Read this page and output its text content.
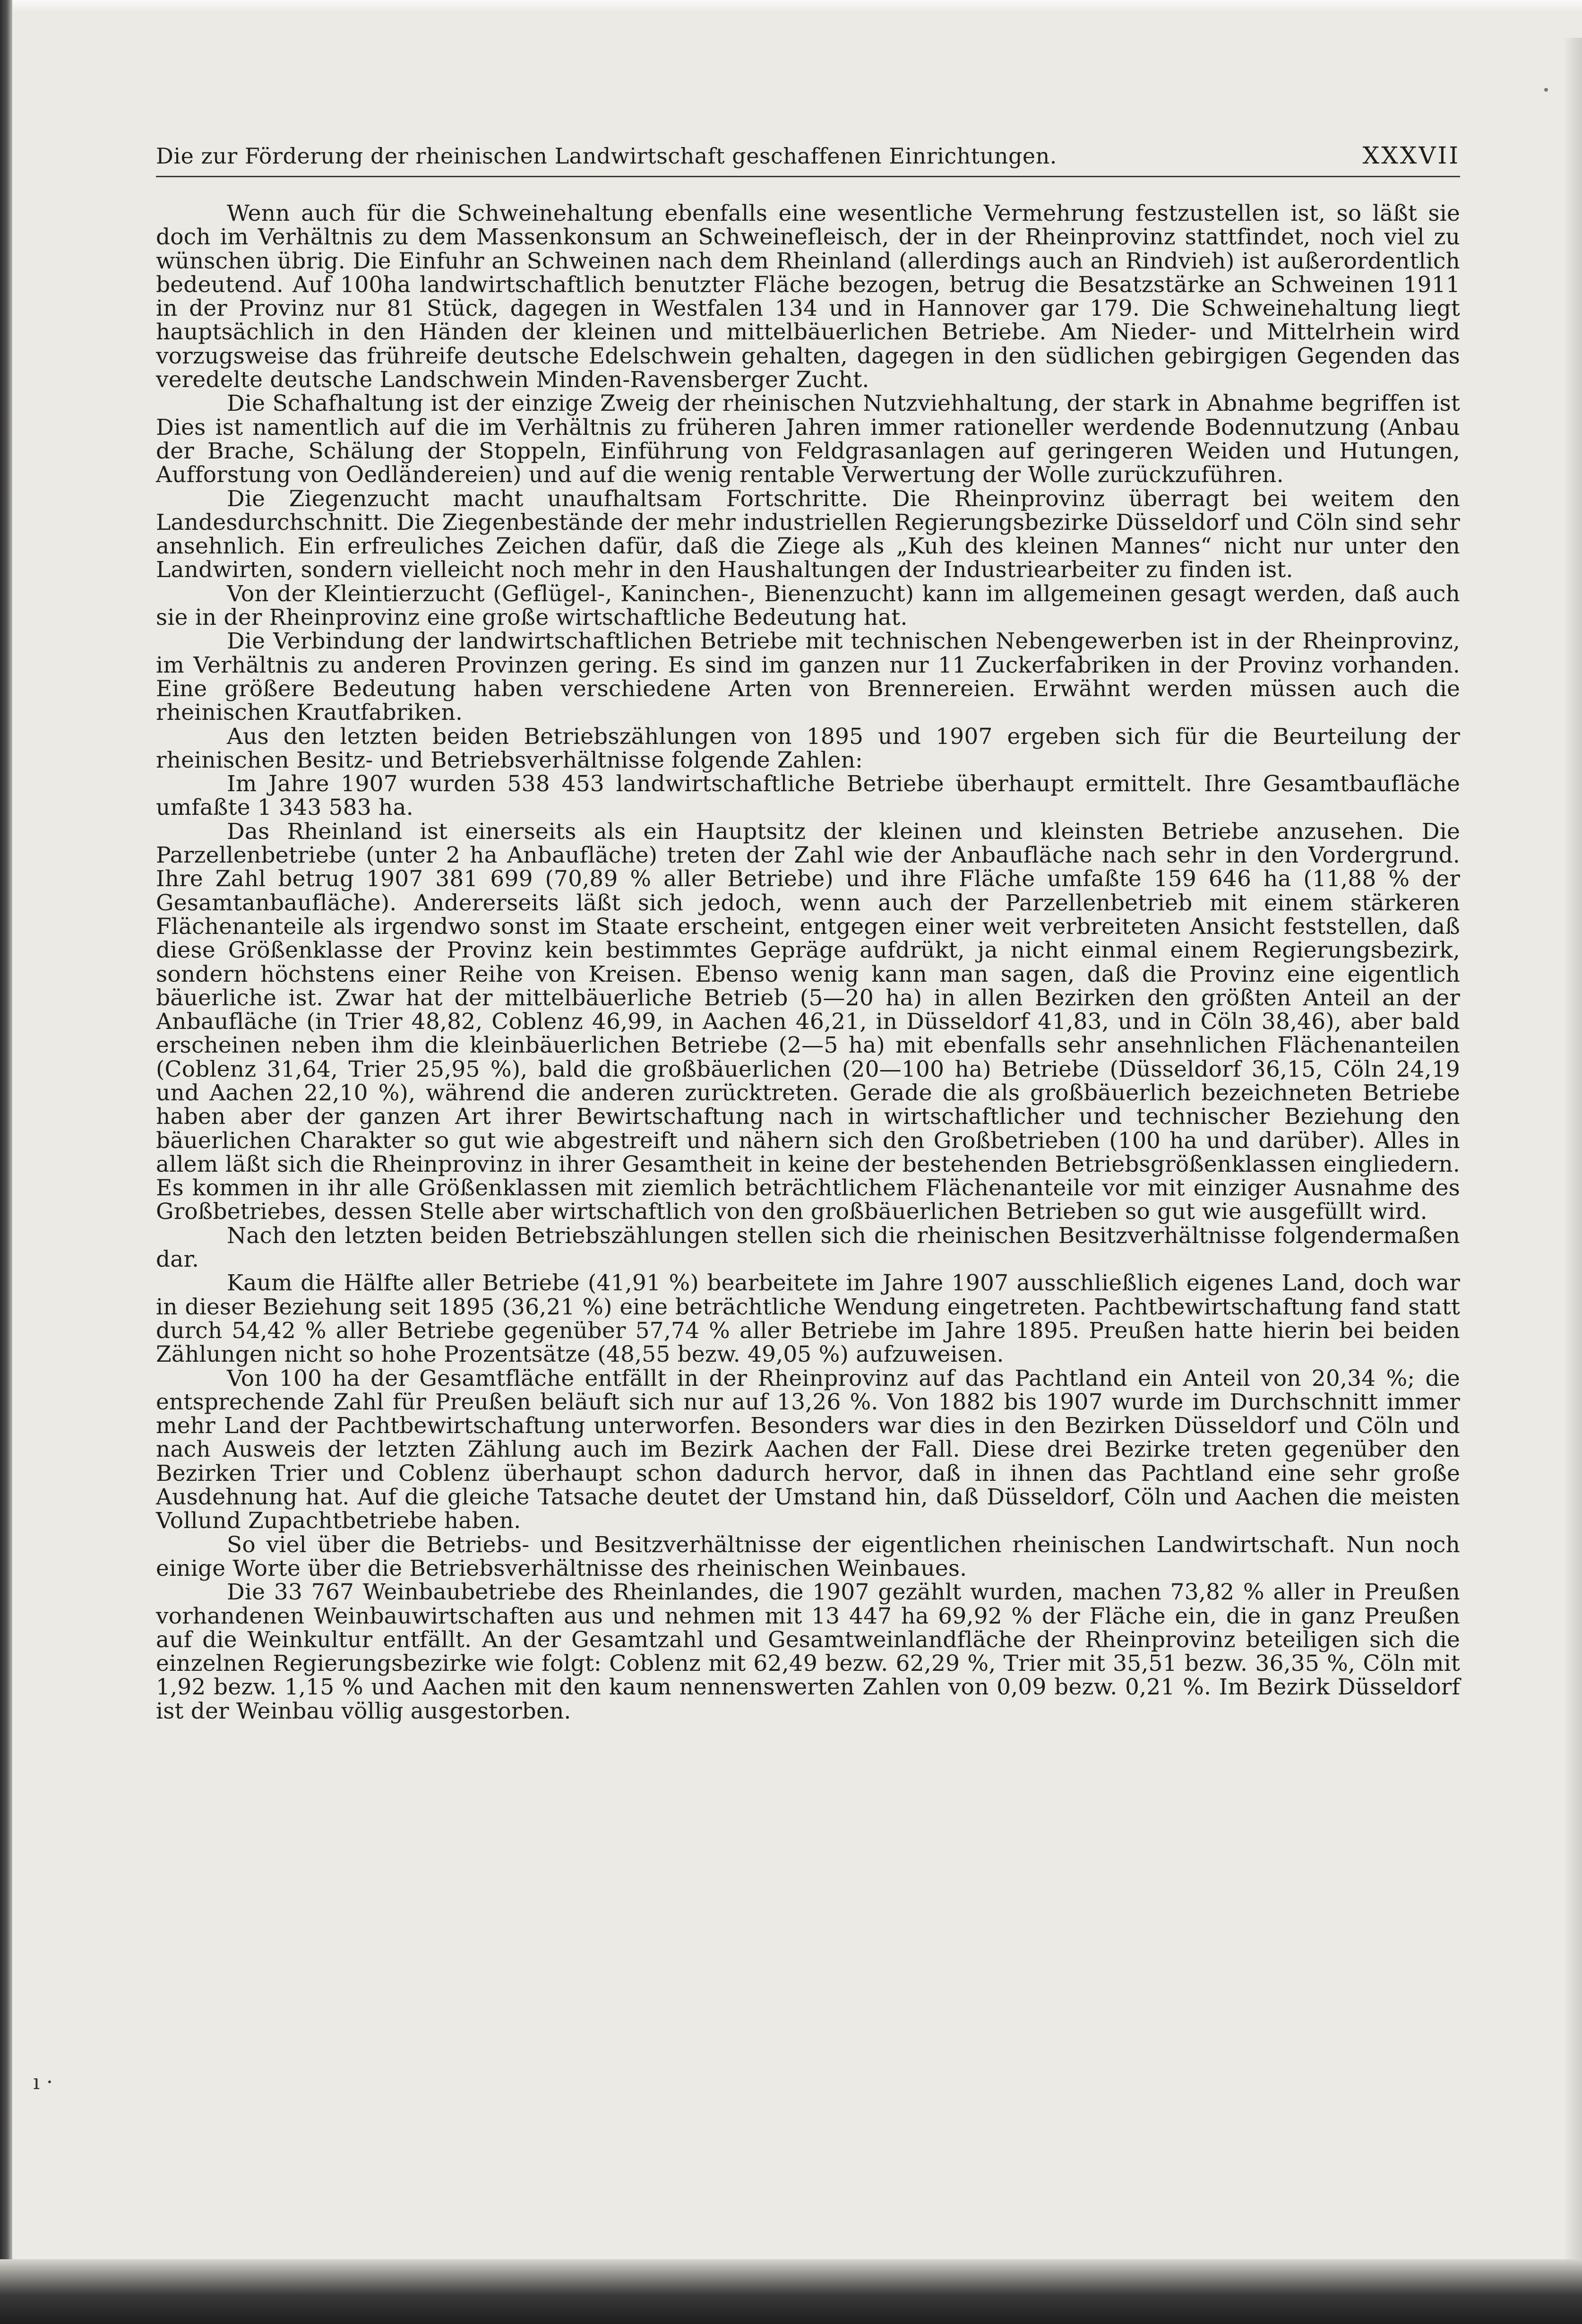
Die zur Förderung der rheinischen Landwirtschaft geschaffenen Einrichtungen.	XXXVII

Wenn auch für die Schweinehaltung ebenfalls eine wesentliche Vermehrung festzustellen ist, so läßt sie doch im Verhältnis zu dem Massenkonsum an Schweinefleisch, der in der Rheinprovinz stattfindet, noch viel zu wünschen übrig. Die Einfuhr an Schweinen nach dem Rheinland (allerdings auch an Rindvieh) ist außerordentlich bedeutend. Auf 100ha landwirtschaftlich benutzter Fläche bezogen, betrug die Besatzstärke an Schweinen 1911 in der Provinz nur 81 Stück, dagegen in Westfalen 134 und in Hannover gar 179. Die Schweinehaltung liegt hauptsächlich in den Händen der kleinen und mittelbäuerlichen Betriebe. Am Nieder- und Mittelrhein wird vorzugsweise das frühreife deutsche Edelschwein gehalten, dagegen in den südlichen gebirgigen Gegenden das veredelte deutsche Landschwein Minden-Ravensberger Zucht.

Die Schafhaltung ist der einzige Zweig der rheinischen Nutzviehhaltung, der stark in Abnahme begriffen ist Dies ist namentlich auf die im Verhältnis zu früheren Jahren immer rationeller werdende Bodennutzung (Anbau der Brache, Schälung der Stoppeln, Einführung von Feldgrasanlagen auf geringeren Weiden und Hutungen, Aufforstung von Oedländereien) und auf die wenig rentable Verwertung der Wolle zurückzuführen.

Die Ziegenzucht macht unaufhaltsam Fortschritte. Die Rheinprovinz überragt bei weitem den Landesdurchschnitt. Die Ziegenbestände der mehr industriellen Regierungsbezirke Düsseldorf und Cöln sind sehr ansehnlich. Ein erfreuliches Zeichen dafür, daß die Ziege als „Kuh des kleinen Mannes“ nicht nur unter den Landwirten, sondern vielleicht noch mehr in den Haushaltungen der Industriearbeiter zu finden ist.

Von der Kleintierzucht (Geflügel-, Kaninchen-, Bienenzucht) kann im allgemeinen gesagt werden, daß auch sie in der Rheinprovinz eine große wirtschaftliche Bedeutung hat.

Die Verbindung der landwirtschaftlichen Betriebe mit technischen Nebengewerben ist in der Rheinprovinz, im Verhältnis zu anderen Provinzen gering. Es sind im ganzen nur 11 Zuckerfabriken in der Provinz vorhanden. Eine größere Bedeutung haben verschiedene Arten von Brennereien. Erwähnt werden müssen auch die rheinischen Krautfabriken.

Aus den letzten beiden Betriebszählungen von 1895 und 1907 ergeben sich für die Beurteilung der rheinischen Besitz- und Betriebsverhältnisse folgende Zahlen:

Im Jahre 1907 wurden 538 453 landwirtschaftliche Betriebe überhaupt ermittelt. Ihre Gesamtbaufläche umfaßte 1 343 583 ha.

Das Rheinland ist einerseits als ein Hauptsitz der kleinen und kleinsten Betriebe anzusehen. Die Parzellenbetriebe (unter 2 ha Anbaufläche) treten der Zahl wie der Anbaufläche nach sehr in den Vordergrund. Ihre Zahl betrug 1907 381 699 (70,89 % aller Betriebe) und ihre Fläche umfaßte 159 646 ha (11,88 % der Gesamtanbaufläche). Andererseits läßt sich jedoch, wenn auch der Parzellenbetrieb mit einem stärkeren Flächenanteile als irgendwo sonst im Staate erscheint, entgegen einer weit verbreiteten Ansicht feststellen, daß diese Größenklasse der Provinz kein bestimmtes Gepräge aufdrükt, ja nicht einmal einem Regierungsbezirk, sondern höchstens einer Reihe von Kreisen. Ebenso wenig kann man sagen, daß die Provinz eine eigentlich bäuerliche ist. Zwar hat der mittelbäuerliche Betrieb (5—20 ha) in allen Bezirken den größten Anteil an der Anbaufläche (in Trier 48,82, Coblenz 46,99, in Aachen 46,21, in Düsseldorf 41,83, und in Cöln 38,46), aber bald erscheinen neben ihm die kleinbäuerlichen Betriebe (2—5 ha) mit ebenfalls sehr ansehnlichen Flächenanteilen (Coblenz 31,64, Trier 25,95 %), bald die großbäuerlichen (20—100 ha) Betriebe (Düsseldorf 36,15, Cöln 24,19 und Aachen 22,10 %), während die anderen zurücktreten. Gerade die als großbäuerlich bezeichneten Betriebe haben aber der ganzen Art ihrer Bewirtschaftung nach in wirtschaftlicher und technischer Beziehung den bäuerlichen Charakter so gut wie abgestreift und nähern sich den Großbetrieben (100 ha und darüber). Alles in allem läßt sich die Rheinprovinz in ihrer Gesamtheit in keine der bestehenden Betriebsgrößenklassen eingliedern. Es kommen in ihr alle Größenklassen mit ziemlich beträchtlichem Flächenanteile vor mit einziger Ausnahme des Großbetriebes, dessen Stelle aber wirtschaftlich von den großbäuerlichen Betrieben so gut wie ausgefüllt wird.

Nach den letzten beiden Betriebszählungen stellen sich die rheinischen Besitzverhältnisse folgendermaßen dar.

Kaum die Hälfte aller Betriebe (41,91 %) bearbeitete im Jahre 1907 ausschließlich eigenes Land, doch war in dieser Beziehung seit 1895 (36,21 %) eine beträchtliche Wendung eingetreten. Pachtbewirtschaftung fand statt durch 54,42 % aller Betriebe gegenüber 57,74 % aller Betriebe im Jahre 1895. Preußen hatte hierin bei beiden Zählungen nicht so hohe Prozentsätze (48,55 bezw. 49,05 %) aufzuweisen.

Von 100 ha der Gesamtfläche entfällt in der Rheinprovinz auf das Pachtland ein Anteil von 20,34 %; die entsprechende Zahl für Preußen beläuft sich nur auf 13,26 %. Von 1882 bis 1907 wurde im Durchschnitt immer mehr Land der Pachtbewirtschaftung unterworfen. Besonders war dies in den Bezirken Düsseldorf und Cöln und nach Ausweis der letzten Zählung auch im Bezirk Aachen der Fall. Diese drei Bezirke treten gegenüber den Bezirken Trier und Coblenz überhaupt schon dadurch hervor, daß in ihnen das Pachtland eine sehr große Ausdehnung hat. Auf die gleiche Tatsache deutet der Umstand hin, daß Düsseldorf, Cöln und Aachen die meisten Vollund Zupachtbetriebe haben.

So viel über die Betriebs- und Besitzverhältnisse der eigentlichen rheinischen Landwirtschaft. Nun noch einige Worte über die Betriebsverhältnisse des rheinischen Weinbaues.

Die 33 767 Weinbaubetriebe des Rheinlandes, die 1907 gezählt wurden, machen 73,82 % aller in Preußen vorhandenen Weinbauwirtschaften aus und nehmen mit 13 447 ha 69,92 % der Fläche ein, die in ganz Preußen auf die Weinkultur entfällt. An der Gesamtzahl und Gesamtweinlandfläche der Rheinprovinz beteiligen sich die einzelnen Regierungsbezirke wie folgt: Coblenz mit 62,49 bezw. 62,29 %, Trier mit 35,51 bezw. 36,35 %, Cöln mit 1,92 bezw. 1,15 % und Aachen mit den kaum nennenswerten Zahlen von 0,09 bezw. 0,21 %. Im Bezirk Düsseldorf ist der Weinbau völlig ausgestorben.

ı ·
